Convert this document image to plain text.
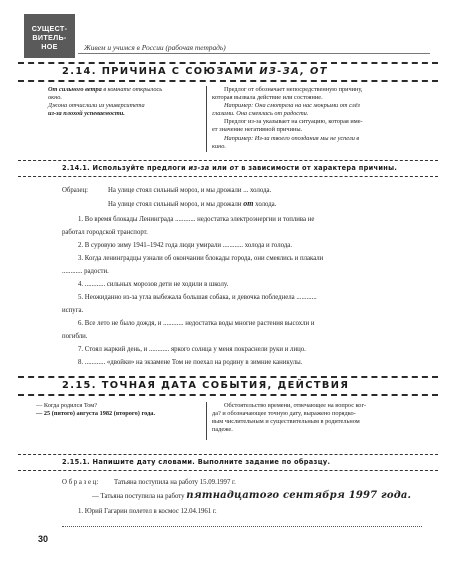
СУЩЕСТ-
ВИТЕЛЬ-
НОЕ	Живем и учимся в России (рабочая тетрадь)
2.14. ПРИЧИНА С СОЮЗАМИ ИЗ-ЗА, ОТ
От сильного ветра в комнате открылось
окно.
Джона отчислили из университета
из-за плохой успеваемости.
Предлог от обозначает непосредственную причину,
которая вызвала действие или состояние.
Например: Она смотрела на нас мокрыми от слёз
глазами. Она смеялась от радости.
Предлог из-за указывает на ситуацию, которая име-
ет значение негативной причины.
Например: Из-за твоего опоздания мы не успели в
кино.
2.14.1. Используйте предлоги из-за или от в зависимости от характера причины.
Образец:	На улице стоял сильный мороз, и мы дрожали ... холода.
На улице стоял сильный мороз, и мы дрожали от холода.
1. Во время блокады Ленинграда ............ недостатка электроэнергии и топлива не
работал городской транспорт.
2. В суровую зиму 1941–1942 года люди умирали ............ холода и голода.
3. Когда ленинградцы узнали об окончании блокады города, они смеялись и плакали
............ радости.
4. ............ сильных морозов дети не ходили в школу.
5. Неожиданно из-за угла выбежала большая собака, и девочка побледнела ............
испуга.
6. Все лето не было дождя, и ............ недостатка воды многие растения высохли и
погибли.
7. Стоял жаркий день, и ............ яркого солнца у меня покраснели руки и лицо.
8. ............ «двойки» на экзамене Том не поехал на родину в зимние каникулы.
2.15. ТОЧНАЯ ДАТА СОБЫТИЯ, ДЕЙСТВИЯ
— Когда родился Том?
— 25 (пятого) августа 1982 (второго) года.
Обстоятельство времени, отвечающее на вопрос ког-
да? и обозначающее точную дату, выражено порядко-
вым числительным и существительным в родительном
падеже.
2.15.1. Напишите дату словами. Выполните задание по образцу.
О б р а з е ц: Татьяна поступила на работу 15.09.1997 г.
— Татьяна поступила на работу пятнадцатого сентября 1997 года.
1. Юрий Гагарин полетел в космос 12.04.1961 г.
30
